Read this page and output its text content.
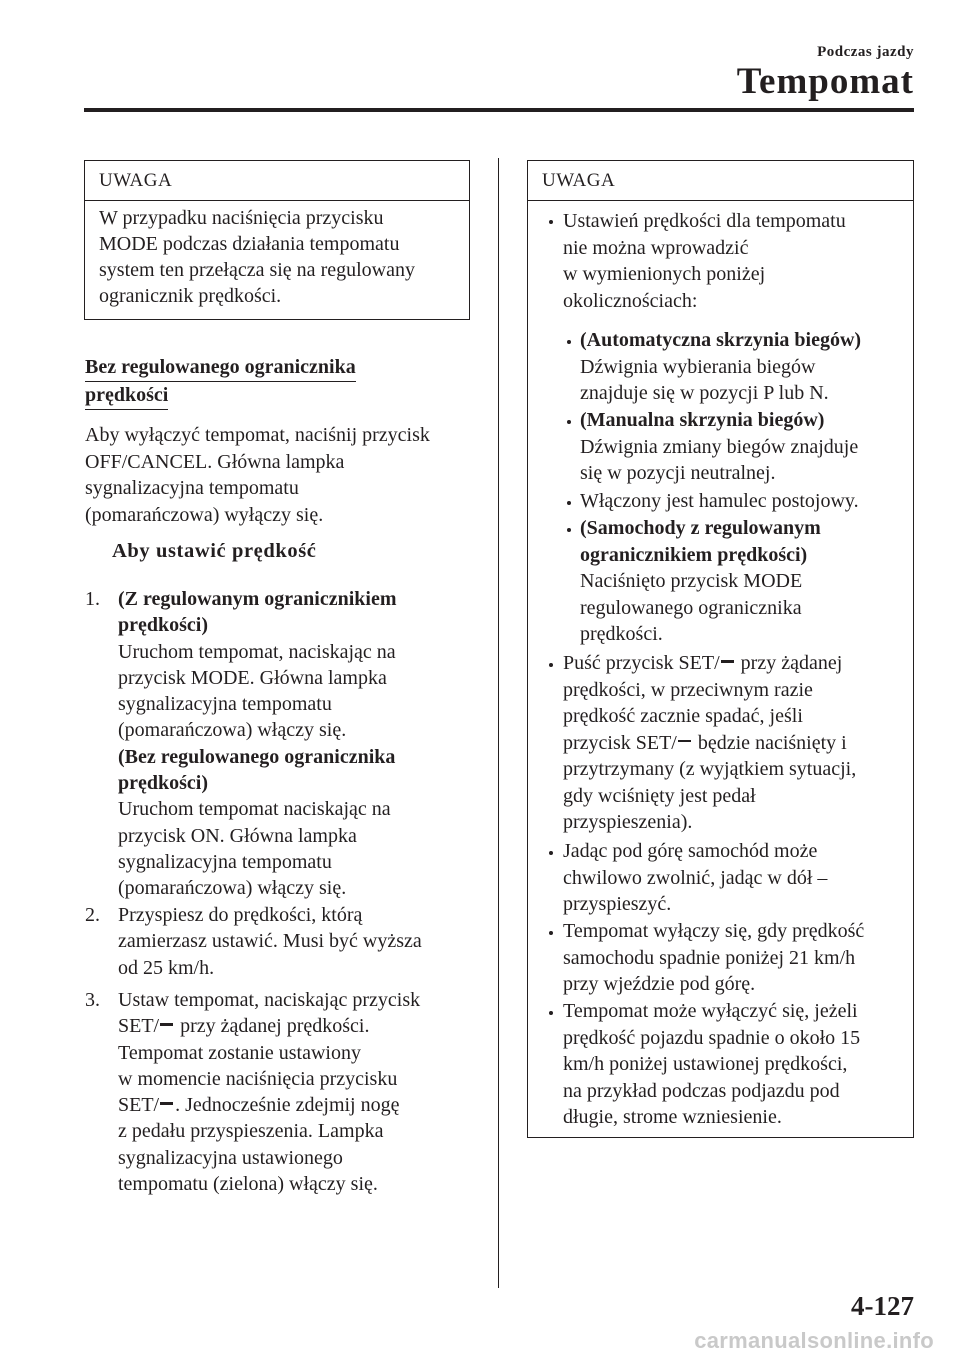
Podczas jazdy
Tempomat
UWAGA
W przypadku naciśnięcia przycisku
MODE podczas działania tempomatu
system ten przełącza się na regulowany
ogranicznik prędkości.
Bez regulowanego ogranicznika
prędkości
Aby wyłączyć tempomat, naciśnij przycisk
OFF/CANCEL. Główna lampka
sygnalizacyjna tempomatu
(pomarańczowa) wyłączy się.
Aby ustawić prędkość
1. (Z regulowanym ogranicznikiem
prędkości)
Uruchom tempomat, naciskając na
przycisk MODE. Główna lampka
sygnalizacyjna tempomatu
(pomarańczowa) włączy się.
(Bez regulowanego ogranicznika
prędkości)
Uruchom tempomat naciskając na
przycisk ON. Główna lampka
sygnalizacyjna tempomatu
(pomarańczowa) włączy się.
2. Przyspiesz do prędkości, którą
zamierzasz ustawić. Musi być wyższa
od 25 km/h.
3. Ustaw tempomat, naciskając przycisk
SET/ przy żądanej prędkości.
Tempomat zostanie ustawiony
w momencie naciśnięcia przycisku
SET/ . Jednocześnie zdejmij nogę
z pedału przyspieszenia. Lampka
sygnalizacyjna ustawionego
tempomatu (zielona) włączy się.
UWAGA
Ustawień prędkości dla tempomatu
nie można wprowadzić
w wymienionych poniżej
okolicznościach:
(Automatyczna skrzynia biegów)
Dźwignia wybierania biegów
znajduje się w pozycji P lub N.
(Manualna skrzynia biegów)
Dźwignia zmiany biegów znajduje
się w pozycji neutralnej.
Włączony jest hamulec postojowy.
(Samochody z regulowanym
ogranicznikiem prędkości)
Naciśnięto przycisk MODE
regulowanego ogranicznika
prędkości.
Puść przycisk SET/ przy żądanej
prędkości, w przeciwnym razie
prędkość zacznie spadać, jeśli
przycisk SET/ będzie naciśnięty i
przytrzymany (z wyjątkiem sytuacji,
gdy wciśnięty jest pedał
przyspieszenia).
Jadąc pod górę samochód może
chwilowo zwolnić, jadąc w dół –
przyspieszyć.
Tempomat wyłączy się, gdy prędkość
samochodu spadnie poniżej 21 km/h
przy wjeździe pod górę.
Tempomat może wyłączyć się, jeżeli
prędkość pojazdu spadnie o około 15
km/h poniżej ustawionej prędkości,
na przykład podczas podjazdu pod
długie, strome wzniesienie.
4-127
carmanualsonline.info
